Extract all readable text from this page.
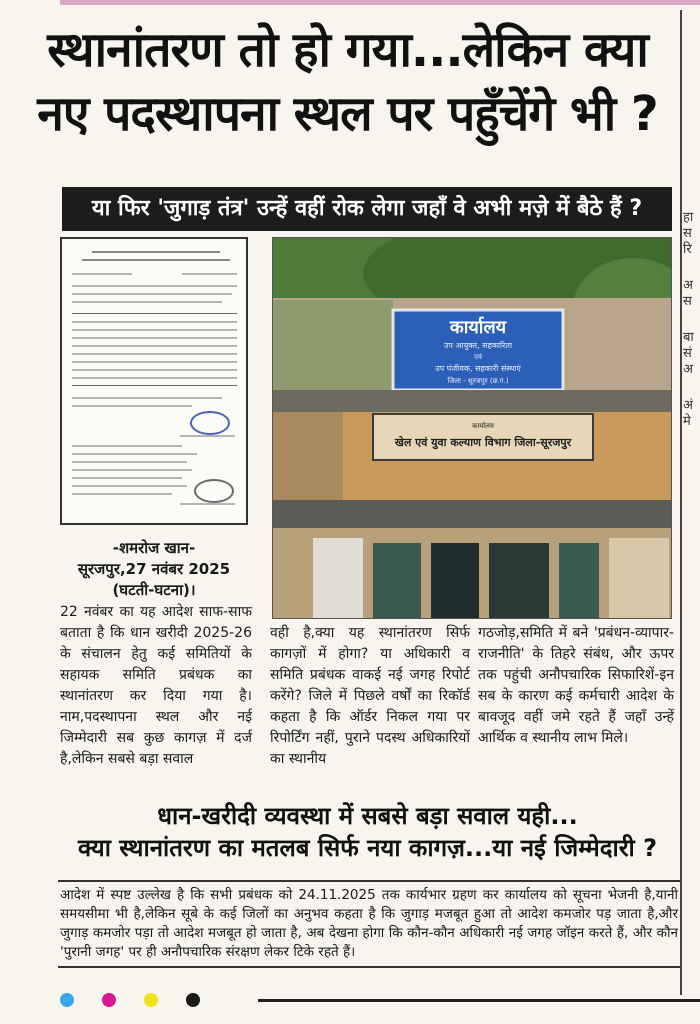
हा
स
रि
अ
स
बा
सं
अ
अं
मे
स्थानांतरण तो हो गया...लेकिन क्या
नए पदस्थापना स्थल पर पहुँचेंगे भी ?
या फिर 'जुगाड़ तंत्र' उन्हें वहीं रोक लेगा जहाँ वे अभी मज़े में बैठे हैं ?
कार्यालय
उप आयुक्त, सहकारिता
एवं
उप पंजीयक, सहकारी संस्थाएं
जिला - सूरजपुर (छ.ग.)
कार्यालय
खेल एवं युवा कल्याण विभाग जिला-सूरजपुर
-शमरोज खान-
सूरजपुर,27 नवंबर 2025
(घटती-घटना)।
22 नवंबर का यह आदेश साफ-साफ बताता है कि धान खरीदी 2025-26 के संचालन हेतु कई समितियों के सहायक समिति प्रबंधक का स्थानांतरण कर दिया गया है। नाम,पदस्थापना स्थल और नई जिम्मेदारी सब कुछ कागज़ में दर्ज है,लेकिन सबसे बड़ा सवाल
वही है,क्या यह स्थानांतरण सिर्फ कागज़ों में होगा? या अधिकारी व समिति प्रबंधक वाकई नई जगह रिपोर्ट करेंगे? जिले में पिछले वर्षों का रिकॉर्ड कहता है कि ऑर्डर निकल गया पर रिपोर्टिंग नहीं, पुराने पदस्थ अधिकारियों का स्थानीय
गठजोड़,समिति में बने 'प्रबंधन-व्यापार-राजनीति' के तिहरे संबंध, और ऊपर तक पहुंची अनौपचारिक सिफारिशें-इन सब के कारण कई कर्मचारी आदेश के बावजूद वहीं जमे रहते हैं जहाँ उन्हें आर्थिक व स्थानीय लाभ मिले।
धान-खरीदी व्यवस्था में सबसे बड़ा सवाल यही...
क्या स्थानांतरण का मतलब सिर्फ नया कागज़...या नई जिम्मेदारी ?
आदेश में स्पष्ट उल्लेख है कि सभी प्रबंधक को 24.11.2025 तक कार्यभार ग्रहण कर कार्यालय को सूचना भेजनी है,यानी समयसीमा भी है,लेकिन सूबे के कई जिलों का अनुभव कहता है कि जुगाड़ मजबूत हुआ तो आदेश कमजोर पड़ जाता है,और जुगाड़ कमजोर पड़ा तो आदेश मजबूत हो जाता है, अब देखना होगा कि कौन-कौन अधिकारी नई जगह जॉइन करते हैं, और कौन 'पुरानी जगह' पर ही अनौपचारिक संरक्षण लेकर टिके रहते हैं।
